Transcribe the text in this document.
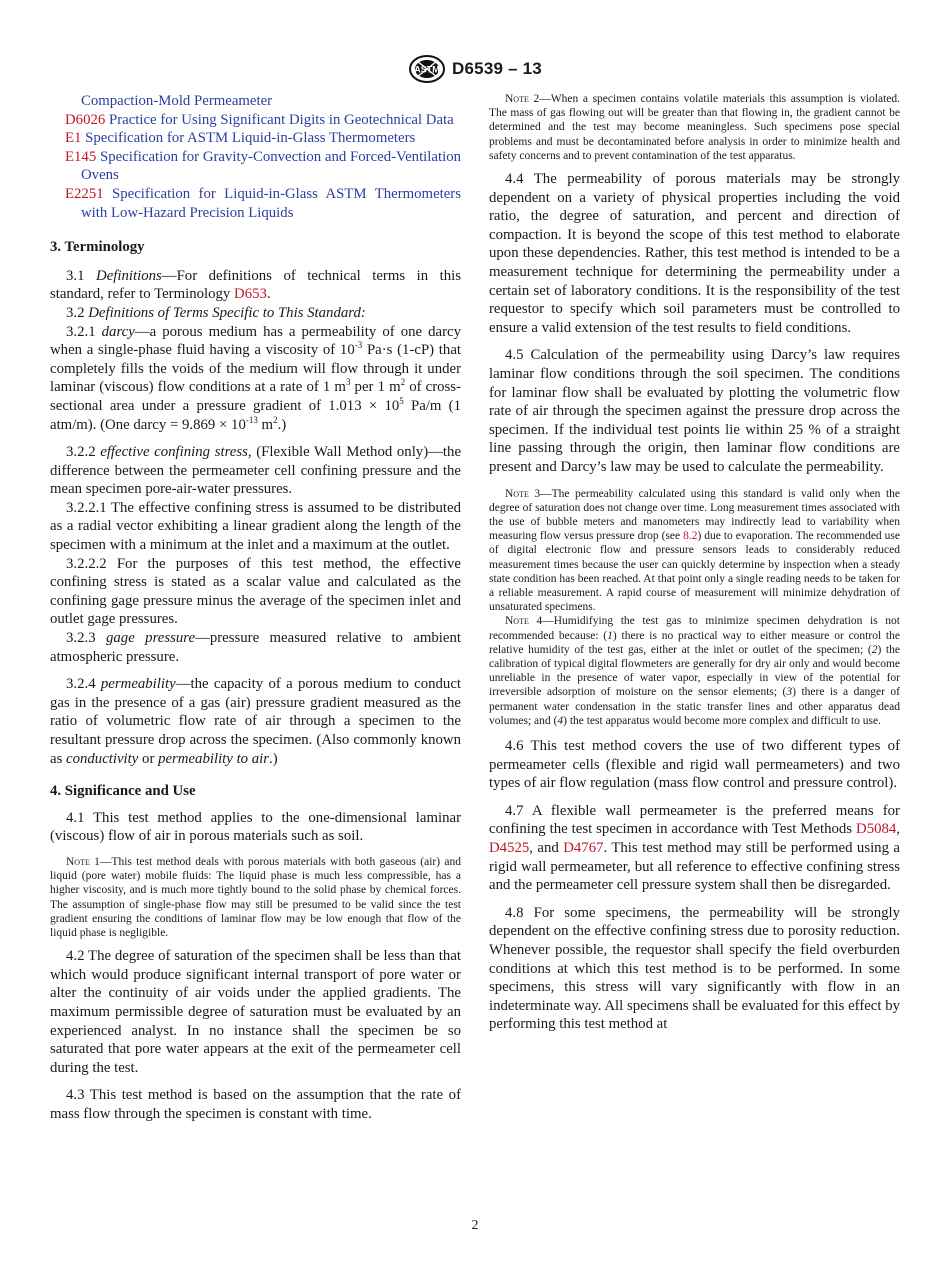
ASTM D6539 – 13

Compaction-Mold Permeameter

D6026 Practice for Using Significant Digits in Geotechnical Data

E1 Specification for ASTM Liquid-in-Glass Thermometers

E145 Specification for Gravity-Convection and Forced-Ventilation Ovens

E2251 Specification for Liquid-in-Glass ASTM Thermometers with Low-Hazard Precision Liquids

3. Terminology

3.1 Definitions—For definitions of technical terms in this standard, refer to Terminology D653.

3.2 Definitions of Terms Specific to This Standard:

3.2.1 darcy—a porous medium has a permeability of one darcy when a single-phase fluid having a viscosity of $10^{-3}$ Pa·s (1-cP) that completely fills the voids of the medium will flow through it under laminar (viscous) flow conditions at a rate of 1 $m^3$ per 1 $m^2$ of cross-sectional area under a pressure gradient of $1.013 \times 10^5$ Pa/m (1 atm/m). (One darcy = $9.869 \times 10^{-13}$ $m^2$.)

3.2.2 effective confining stress, (Flexible Wall Method only)—the difference between the permeameter cell confining pressure and the mean specimen pore-air-water pressures.

3.2.2.1 The effective confining stress is assumed to be distributed as a radial vector exhibiting a linear gradient along the length of the specimen with a minimum at the inlet and a maximum at the outlet.

3.2.2.2 For the purposes of this test method, the effective confining stress is stated as a scalar value and calculated as the confining gage pressure minus the average of the specimen inlet and outlet gage pressures.

3.2.3 gage pressure—pressure measured relative to ambient atmospheric pressure.

3.2.4 permeability—the capacity of a porous medium to conduct gas in the presence of a gas (air) pressure gradient measured as the ratio of volumetric flow rate of air through a specimen to the resultant pressure drop across the specimen. (Also commonly known as conductivity or permeability to air.)

4. Significance and Use

4.1 This test method applies to the one-dimensional laminar (viscous) flow of air in porous materials such as soil.

Note 1—This test method deals with porous materials with both gaseous (air) and liquid (pore water) mobile fluids: The liquid phase is much less compressible, has a higher viscosity, and is much more tightly bound to the solid phase by chemical forces. The assumption of single-phase flow may still be presumed to be valid since the test gradient ensuring the conditions of laminar flow may be low enough that flow of the liquid phase is negligible.

4.2 The degree of saturation of the specimen shall be less than that which would produce significant internal transport of pore water or alter the continuity of air voids under the applied gradients. The maximum permissible degree of saturation must be evaluated by an experienced analyst. In no instance shall the specimen be so saturated that pore water appears at the exit of the permeameter cell during the test.

4.3 This test method is based on the assumption that the rate of mass flow through the specimen is constant with time.

Note 2—When a specimen contains volatile materials this assumption is violated. The mass of gas flowing out will be greater than that flowing in, the gradient cannot be determined and the test may become meaningless. Such specimens pose special problems and must be decontaminated before analysis in order to minimize health and safety concerns and to prevent contamination of the test apparatus.

4.4 The permeability of porous materials may be strongly dependent on a variety of physical properties including the void ratio, the degree of saturation, and percent and direction of compaction. It is beyond the scope of this test method to elaborate upon these dependencies. Rather, this test method is intended to be a measurement technique for determining the permeability under a certain set of laboratory conditions. It is the responsibility of the test requestor to specify which soil parameters must be controlled to ensure a valid extension of the test results to field conditions.

4.5 Calculation of the permeability using Darcy’s law requires laminar flow conditions through the soil specimen. The conditions for laminar flow shall be evaluated by plotting the volumetric flow rate of air through the specimen against the pressure drop across the specimen. If the individual test points lie within 25 % of a straight line passing through the origin, then laminar flow conditions are present and Darcy’s law may be used to calculate the permeability.

Note 3—The permeability calculated using this standard is valid only when the degree of saturation does not change over time. Long measurement times associated with the use of bubble meters and manometers may indirectly lead to variability when measuring flow versus pressure drop (see 8.2) due to evaporation. The recommended use of digital electronic flow and pressure sensors leads to considerably reduced measurement times because the user can quickly determine by inspection when a steady state condition has been reached. At that point only a single reading needs to be taken for a reliable measurement. A rapid course of measurement will minimize dehydration of unsaturated specimens.

Note 4—Humidifying the test gas to minimize specimen dehydration is not recommended because: (1) there is no practical way to either measure or control the relative humidity of the test gas, either at the inlet or outlet of the specimen; (2) the calibration of typical digital flowmeters are generally for dry air only and would become unreliable in the presence of water vapor, especially in view of the potential for irreversible adsorption of moisture on the sensor elements; (3) there is a danger of permanent water condensation in the static transfer lines and other apparatus dead volumes; and (4) the test apparatus would become more complex and difficult to use.

4.6 This test method covers the use of two different types of permeameter cells (flexible and rigid wall permeameters) and two types of air flow regulation (mass flow control and pressure control).

4.7 A flexible wall permeameter is the preferred means for confining the test specimen in accordance with Test Methods D5084, D4525, and D4767. This test method may still be performed using a rigid wall permeameter, but all reference to effective confining stress and the permeameter cell pressure system shall then be disregarded.

4.8 For some specimens, the permeability will be strongly dependent on the effective confining stress due to porosity reduction. Whenever possible, the requestor shall specify the field overburden conditions at which this test method is to be performed. In some specimens, this stress will vary significantly with flow in an indeterminate way. All specimens shall be evaluated for this effect by performing this test method at

2
